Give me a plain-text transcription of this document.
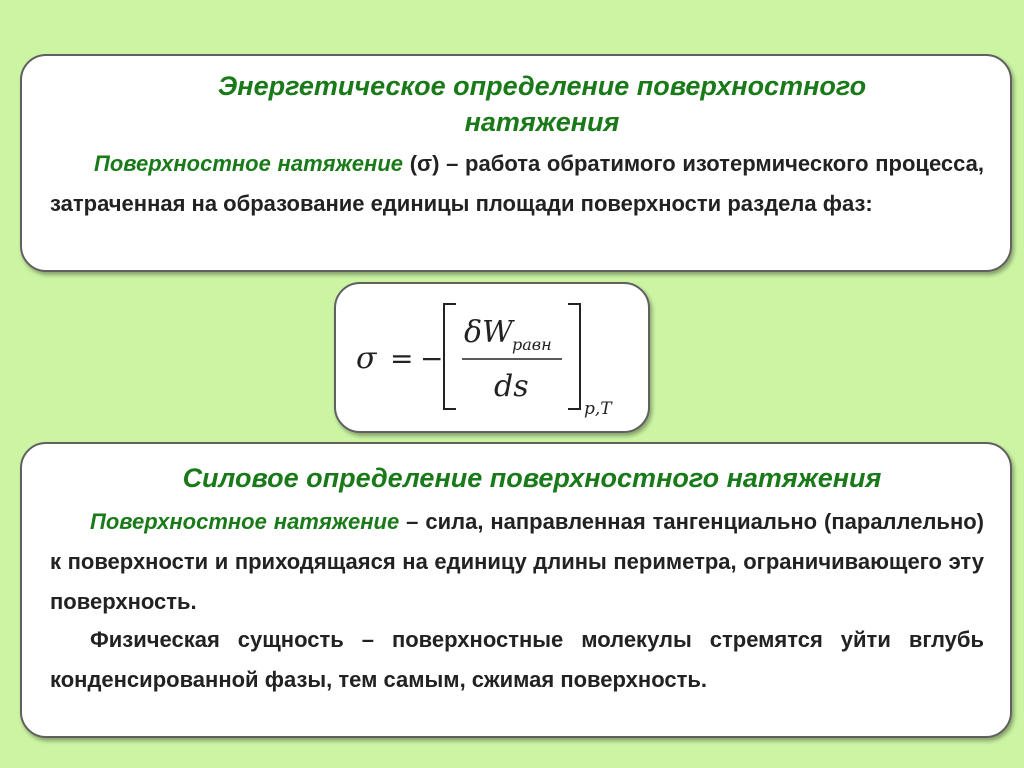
Энергетическое определение поверхностного
натяжения
Поверхностное натяжение (σ) – работа обратимого изотермического процесса, затраченная на образование единицы площади поверхности раздела фаз:
σ = −
δW равн
ds
p,T
Силовое определение поверхностного натяжения
Поверхностное натяжение – сила, направленная тангенциально (параллельно) к поверхности и приходящаяся на единицу длины периметра, ограничивающего эту поверхность.
Физическая сущность – поверхностные молекулы стремятся уйти вглубь конденсированной фазы, тем самым, сжимая поверхность.
